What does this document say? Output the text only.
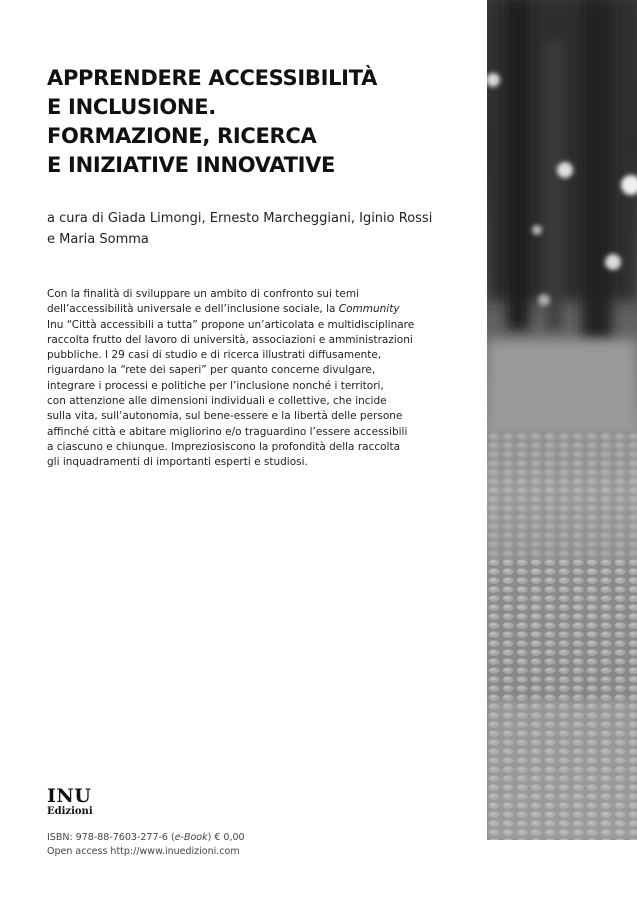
APPRENDERE ACCESSIBILITÀ
E INCLUSIONE.
FORMAZIONE, RICERCA
E INIZIATIVE INNOVATIVE
a cura di Giada Limongi, Ernesto Marcheggiani, Iginio Rossi
e Maria Somma
Con la finalità di sviluppare un ambito di confronto sui temi
dell’accessibilità universale e dell’inclusione sociale, la Community
Inu “Città accessibili a tutta” propone un’articolata e multidisciplinare
raccolta frutto del lavoro di università, associazioni e amministrazioni
pubbliche. I 29 casi di studio e di ricerca illustrati diffusamente,
riguardano la “rete dei saperi” per quanto concerne divulgare,
integrare i processi e politiche per l’inclusione nonché i territori,
con attenzione alle dimensioni individuali e collettive, che incide
sulla vita, sull’autonomia, sul bene-essere e la libertà delle persone
affinché città e abitare migliorino e/o traguardino l’essere accessibili
a ciascuno e chiunque. Impreziosiscono la profondità della raccolta
gli inquadramenti di importanti esperti e studiosi.
INU
Edizioni
ISBN: 978-88-7603-277-6 (e-Book) € 0,00
Open access http://www.inuedizioni.com
